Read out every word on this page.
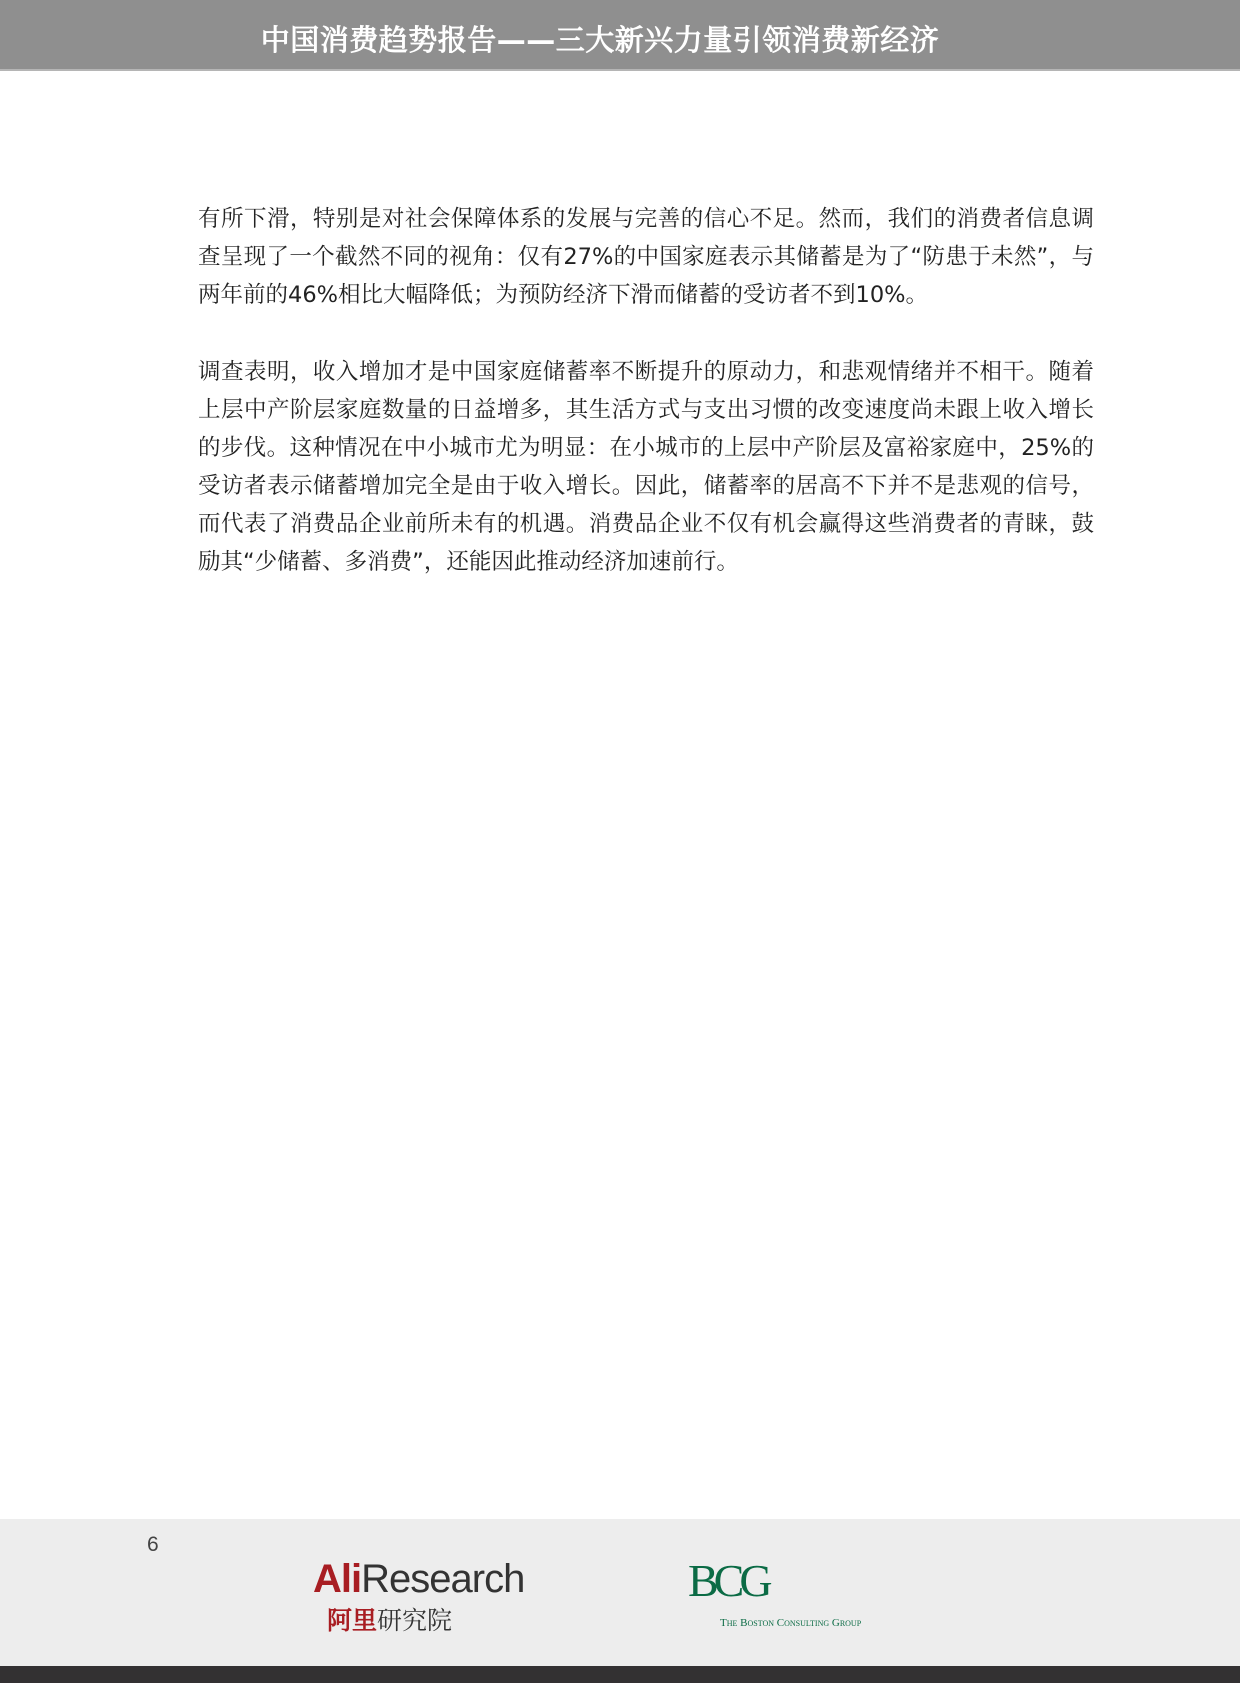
中国消费趋势报告——三大新兴力量引领消费新经济

有所下滑，特别是对社会保障体系的发展与完善的信心不足。然而，我们的消费者信息调查呈现了一个截然不同的视角：仅有27%的中国家庭表示其储蓄是为了“防患于未然”，与两年前的46%相比大幅降低；为预防经济下滑而储蓄的受访者不到10%。

调查表明，收入增加才是中国家庭储蓄率不断提升的原动力，和悲观情绪并不相干。随着上层中产阶层家庭数量的日益增多，其生活方式与支出习惯的改变速度尚未跟上收入增长的步伐。这种情况在中小城市尤为明显：在小城市的上层中产阶层及富裕家庭中，25%的受访者表示储蓄增加完全是由于收入增长。因此，储蓄率的居高不下并不是悲观的信号，而代表了消费品企业前所未有的机遇。消费品企业不仅有机会赢得这些消费者的青睐，鼓励其“少储蓄、多消费”，还能因此推动经济加速前行。

6
AliResearch
阿里研究院
BCG
The Boston Consulting Group
